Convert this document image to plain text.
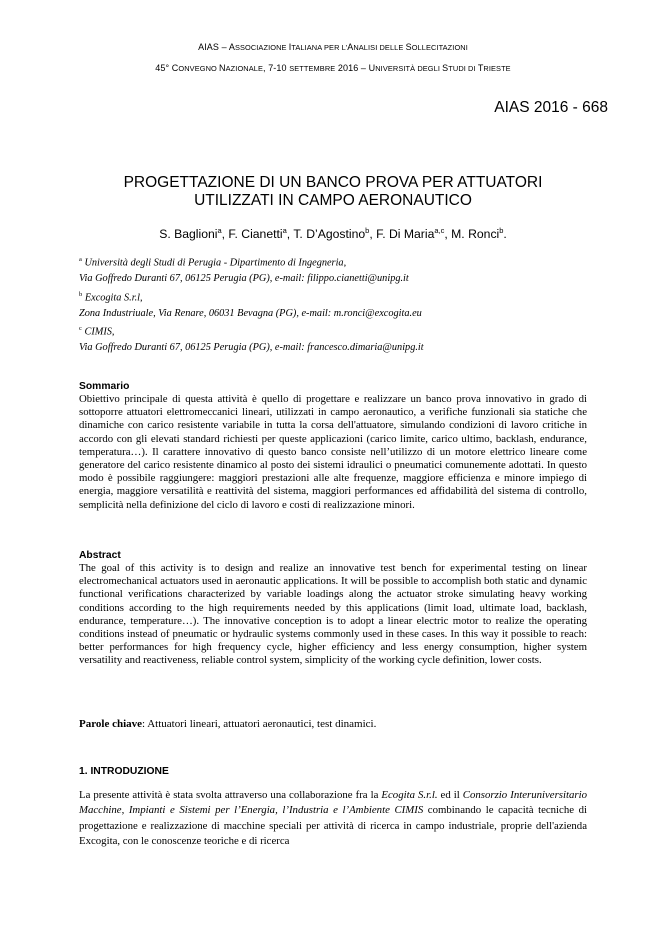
AIAS – ASSOCIAZIONE ITALIANA PER L’ANALISI DELLE SOLLECITAZIONI
45° CONVEGNO NAZIONALE, 7-10 SETTEMBRE 2016 – UNIVERSITÀ DEGLI STUDI DI TRIESTE
AIAS 2016 - 668
PROGETTAZIONE DI UN BANCO PROVA PER ATTUATORI
UTILIZZATI IN CAMPO AERONAUTICO
S. Baglioni$^a$, F. Cianetti$^a$, T. D’Agostino$^b$, F. Di Maria$^{a,c}$, M. Ronci$^b$.
$^a$ Università degli Studi di Perugia - Dipartimento di Ingegneria,
Via Goffredo Duranti 67, 06125 Perugia (PG), e-mail: filippo.cianetti@unipg.it
$^b$ Excogita S.r.l,
Zona Industriuale, Via Renare, 06031 Bevagna (PG), e-mail: m.ronci@excogita.eu
$^c$ CIMIS,
Via Goffredo Duranti 67, 06125 Perugia (PG), e-mail: francesco.dimaria@unipg.it
Sommario
Obiettivo principale di questa attività è quello di progettare e realizzare un banco prova innovativo in grado di sottoporre attuatori elettromeccanici lineari, utilizzati in campo aeronautico, a verifiche funzionali sia statiche che dinamiche con carico resistente variabile in tutta la corsa dell'attuatore, simulando condizioni di lavoro critiche in accordo con gli elevati standard richiesti per queste applicazioni (carico limite, carico ultimo, backlash, endurance, temperatura…). Il carattere innovativo di questo banco consiste nell’utilizzo di un motore elettrico lineare come generatore del carico resistente dinamico al posto dei sistemi idraulici o pneumatici comunemente adottati. In questo modo è possibile raggiungere: maggiori prestazioni alle alte frequenze, maggiore efficienza e minore impiego di energia, maggiore versatilità e reattività del sistema, maggiori performances ed affidabilità del sistema di controllo, semplicità nella definizione del ciclo di lavoro e costi di realizzazione minori.
Abstract
The goal of this activity is to design and realize an innovative test bench for experimental testing on linear electromechanical actuators used in aeronautic applications. It will be possible to accomplish both static and dynamic functional verifications characterized by variable loadings along the actuator stroke simulating heavy working conditions according to the high requirements needed by this applications (limit load, ultimate load, backlash, endurance, temperature…). The innovative conception is to adopt a linear electric motor to realize the operating conditions instead of pneumatic or hydraulic systems commonly used in these cases. In this way it possible to reach: better performances for high frequency cycle, higher efficiency and less energy consumption, higher system versatility and reactiveness, reliable control system, simplicity of the working cycle definition, lower costs.
Parole chiave: Attuatori lineari, attuatori aeronautici, test dinamici.
1. INTRODUZIONE
La presente attività è stata svolta attraverso una collaborazione fra la Ecogita S.r.l. ed il Consorzio Interuniversitario Macchine, Impianti e Sistemi per l’Energia, l’Industria e l’Ambiente CIMIS combinando le capacità tecniche di progettazione e realizzazione di macchine speciali per attività di ricerca in campo industriale, proprie dell'azienda Excogita, con le conoscenze teoriche e di ricerca
